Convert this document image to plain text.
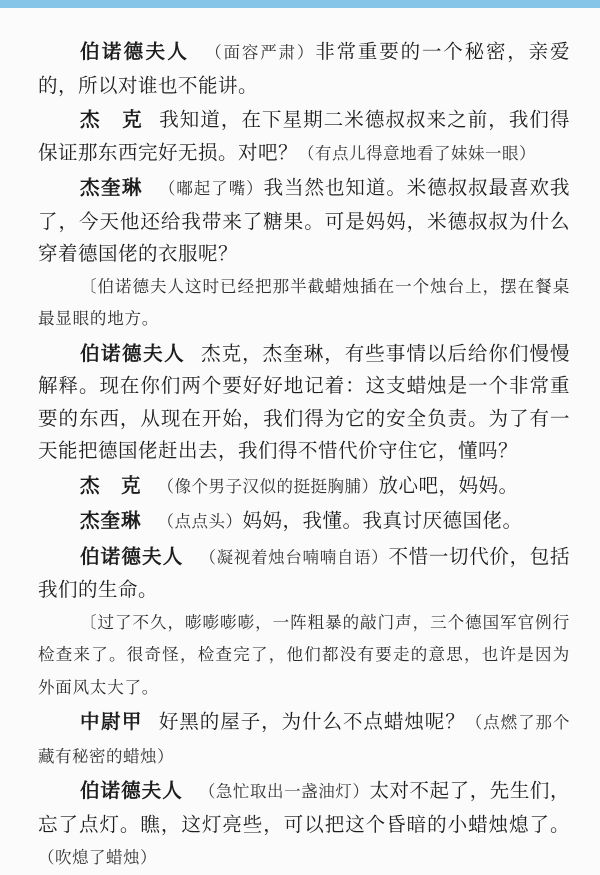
伯诺德夫人 （面容严肃）非常重要的一个秘密，亲爱的，所以对谁也不能讲。

杰　克 我知道，在下星期二米德叔叔来之前，我们得保证那东西完好无损。对吧？（有点儿得意地看了妹妹一眼）

杰奎琳 （嘟起了嘴）我当然也知道。米德叔叔最喜欢我了，今天他还给我带来了糖果。可是妈妈，米德叔叔为什么穿着德国佬的衣服呢？

〔伯诺德夫人这时已经把那半截蜡烛插在一个烛台上，摆在餐桌最显眼的地方。

伯诺德夫人 杰克，杰奎琳，有些事情以后给你们慢慢解释。现在你们两个要好好地记着：这支蜡烛是一个非常重要的东西，从现在开始，我们得为它的安全负责。为了有一天能把德国佬赶出去，我们得不惜代价守住它，懂吗？

杰　克 （像个男子汉似的挺挺胸脯）放心吧，妈妈。

杰奎琳 （点点头）妈妈，我懂。我真讨厌德国佬。

伯诺德夫人 （凝视着烛台喃喃自语）不惜一切代价，包括我们的生命。

〔过了不久，嘭嘭嘭嘭，一阵粗暴的敲门声，三个德国军官例行检查来了。很奇怪，检查完了，他们都没有要走的意思，也许是因为外面风太大了。

中尉甲 好黑的屋子，为什么不点蜡烛呢？（点燃了那个藏有秘密的蜡烛）

伯诺德夫人 （急忙取出一盏油灯）太对不起了，先生们，忘了点灯。瞧，这灯亮些，可以把这个昏暗的小蜡烛熄了。（吹熄了蜡烛）
